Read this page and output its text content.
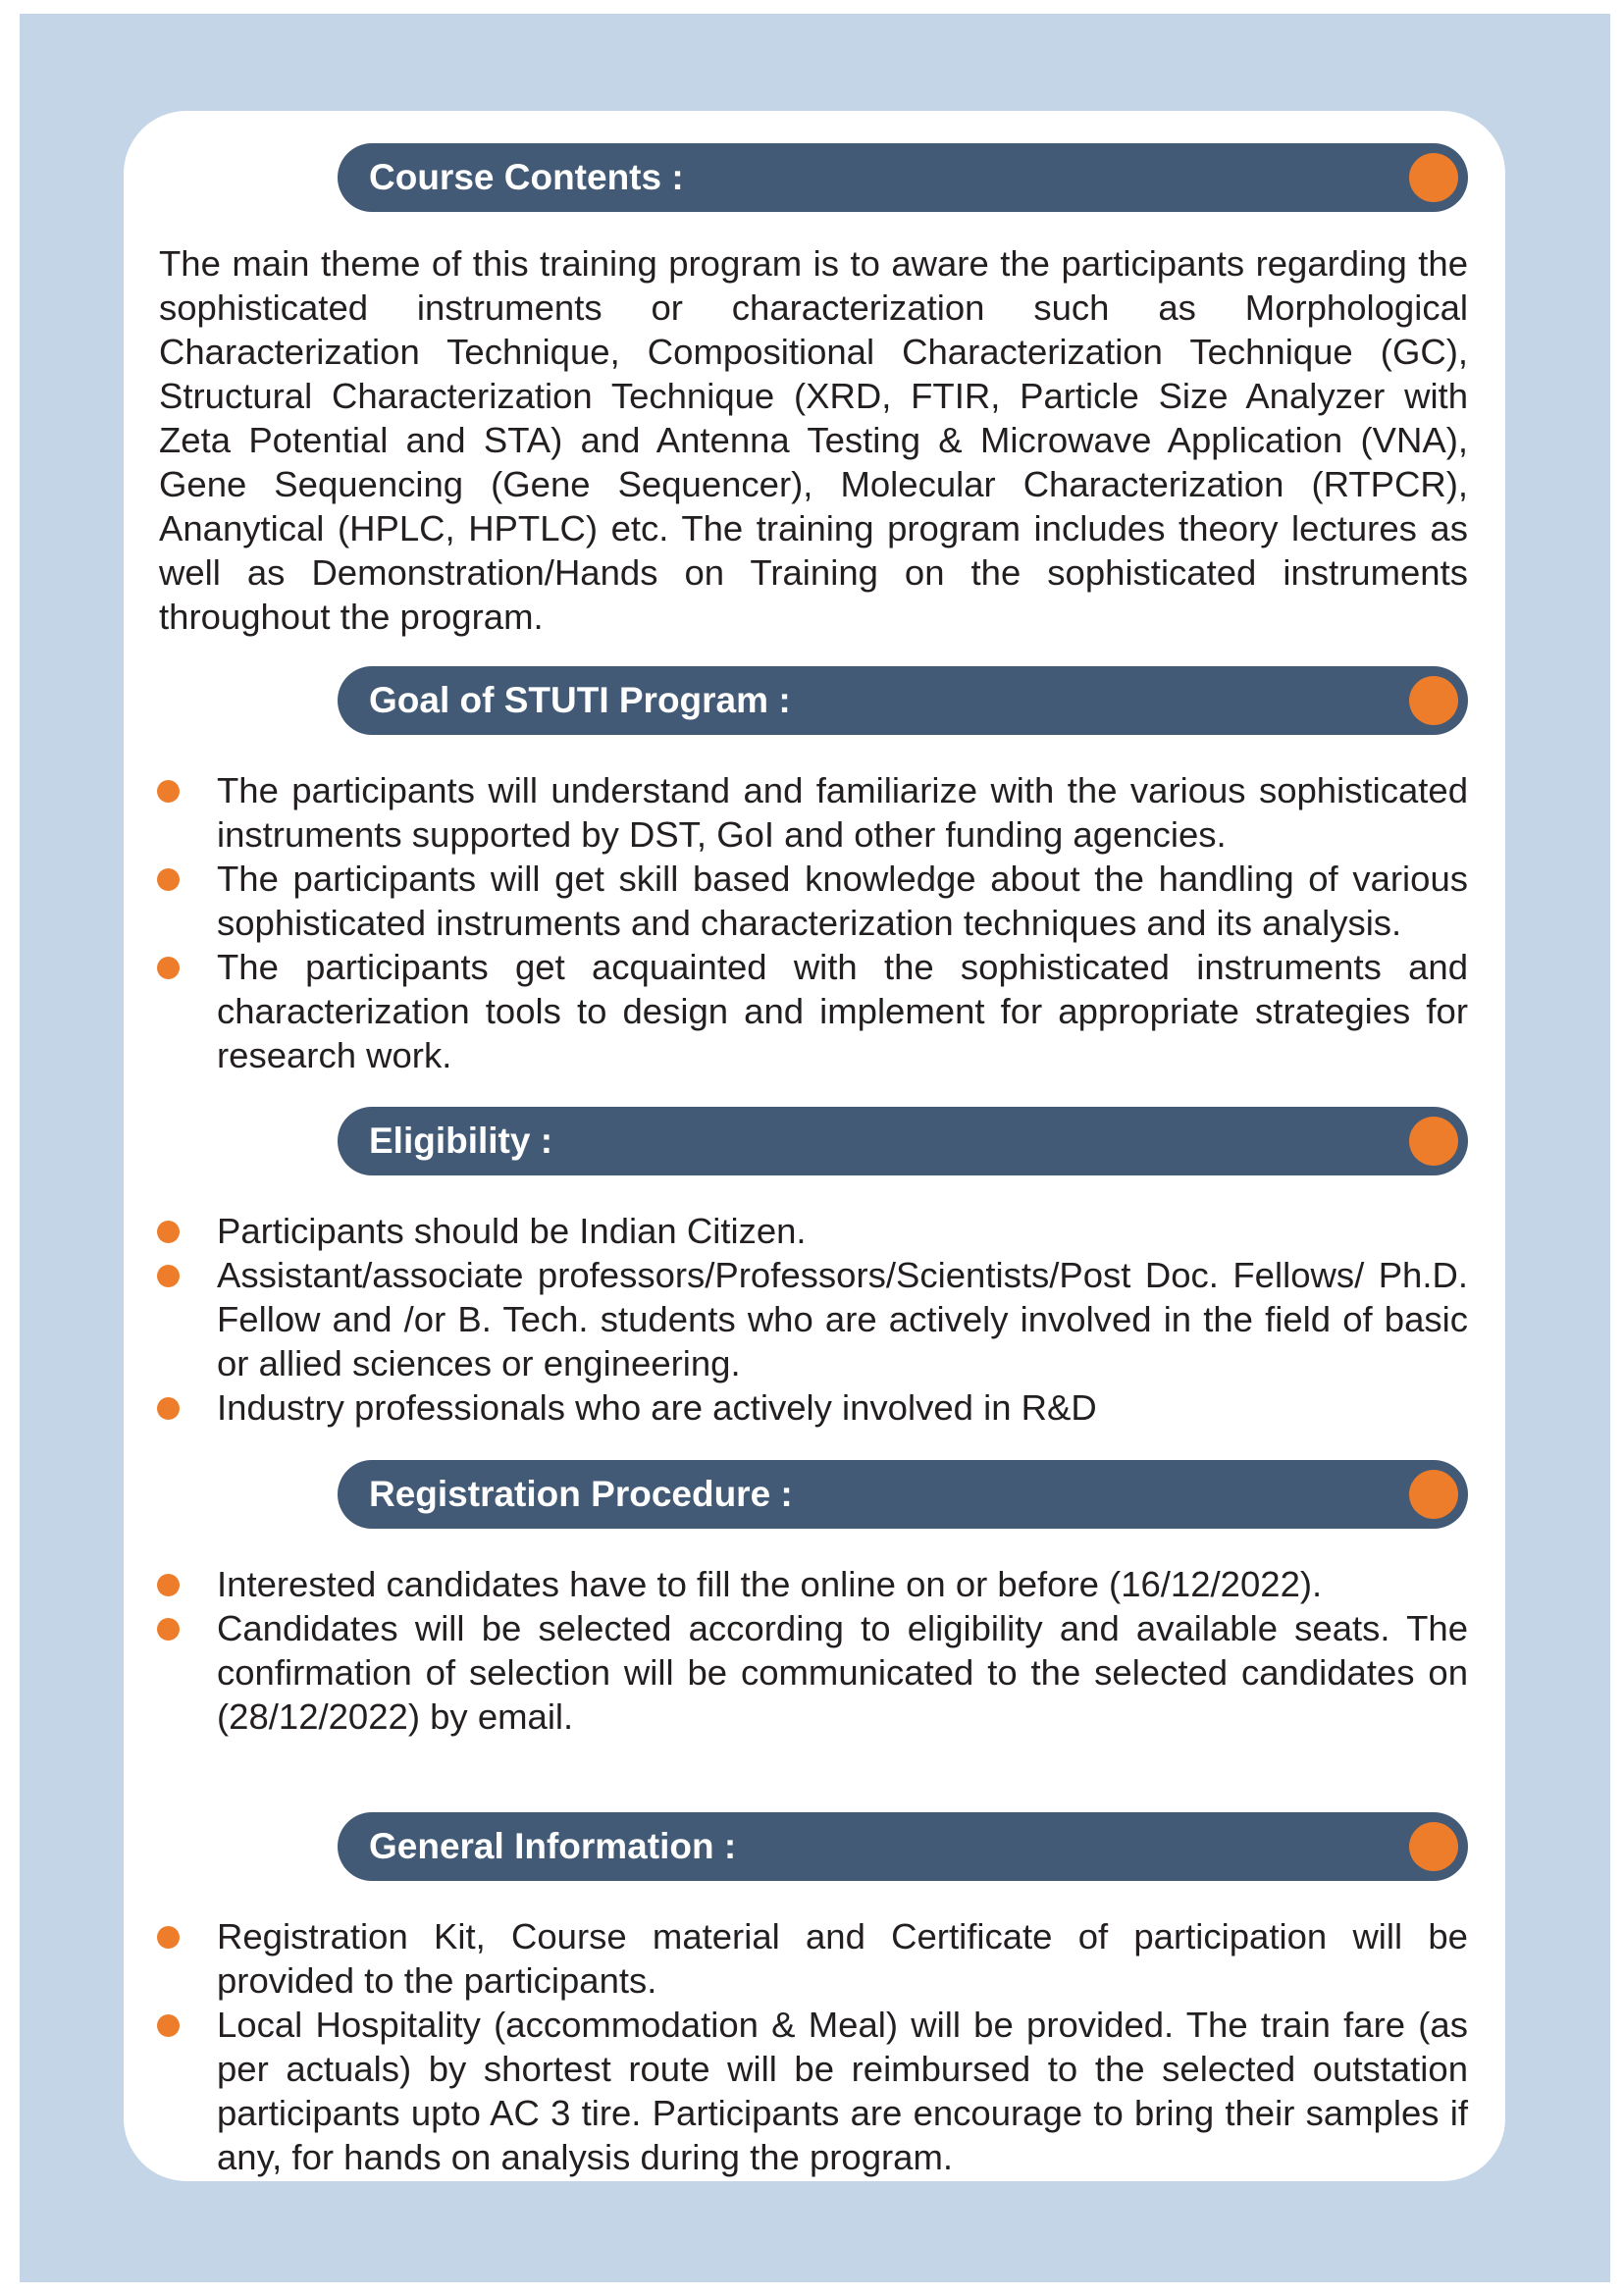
Course Contents :

The main theme of this training program is to aware the participants regarding the sophisticated instruments or characterization such as Morphological Characterization Technique, Compositional Characterization Technique (GC), Structural Characterization Technique (XRD, FTIR, Particle Size Analyzer with Zeta Potential and STA) and Antenna Testing & Microwave Application (VNA), Gene Sequencing (Gene Sequencer), Molecular Characterization (RTPCR), Ananytical (HPLC, HPTLC) etc. The training program includes theory lectures as well as Demonstration/Hands on Training on the sophisticated instruments throughout the program.

Goal of STUTI Program :
The participants will understand and familiarize with the various sophisticated instruments supported by DST, GoI and other funding agencies.
The participants will get skill based knowledge about the handling of various sophisticated instruments and characterization techniques and its analysis.
The participants get acquainted with the sophisticated instruments and characterization tools to design and implement for appropriate strategies for research work.
Eligibility :
Participants should be Indian Citizen.
Assistant/associate professors/Professors/Scientists/Post Doc. Fellows/ Ph.D. Fellow and /or B. Tech. students who are actively involved in the field of basic or allied sciences or engineering.
Industry professionals who are actively involved in R&D
Registration Procedure :
Interested candidates have to fill the online on or before (16/12/2022).
Candidates will be selected according to eligibility and available seats. The confirmation of selection will be communicated to the selected candidates on (28/12/2022) by email.
General Information :
Registration Kit, Course material and Certificate of participation will be provided to the participants.
Local Hospitality (accommodation & Meal) will be provided. The train fare (as per actuals) by shortest route will be reimbursed to the selected outstation participants upto AC 3 tire. Participants are encourage to bring their samples if any, for hands on analysis during the program.
